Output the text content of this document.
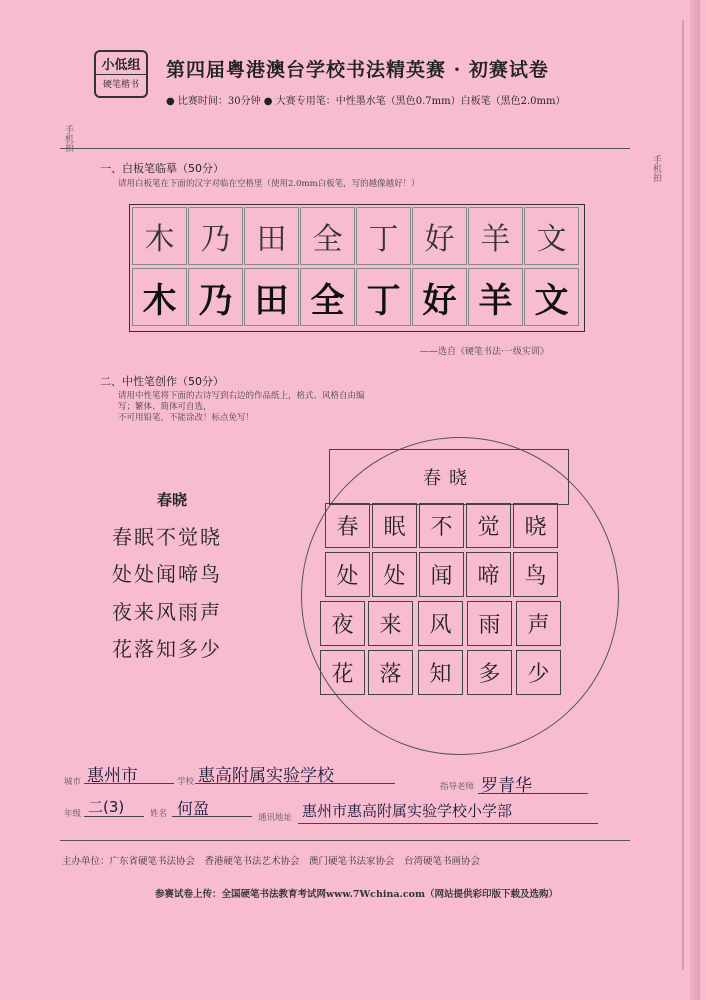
小低组
硬笔楷书
第四届粤港澳台学校书法精英赛 · 初赛试卷
● 比赛时间：30分钟 ● 大赛专用笔：中性墨水笔（黑色0.7mm）白板笔（黑色2.0mm）
手机拍
手机拍
一、白板笔临摹（50分）
请用白板笔在下面的汉字对临在空格里（使用2.0mm白板笔，写的越像越好！）
木 乃 田 全 丁 好 羊 文
木 乃 田 全 丁 好 羊 文
——选自《硬笔书法·一级实训》
二、中性笔创作（50分）
请用中性笔将下面的古诗写到右边的作品纸上，格式、风格自由编写；繁体、简体可自选，
不可用铅笔，不能涂改！标点免写！
春晓
春眠不觉晓
处处闻啼鸟
夜来风雨声
花落知多少
春晓
春	眠	不	觉	晓
处	处	闻	啼	鸟
夜	来	风	雨	声
花	落	知	多	少
城市 惠州市	学校 惠高附属实验学校
指导老师 罗青华
年级 二(3)	姓名 何盈	通讯地址 惠州市惠高附属实验学校小学部
主办单位：广东省硬笔书法协会　香港硬笔书法艺术协会　澳门硬笔书法家协会　台湾硬笔书画协会
参赛试卷上传：全国硬笔书法教育考试网www.7Wchina.com（网站提供彩印版下载及选购）
